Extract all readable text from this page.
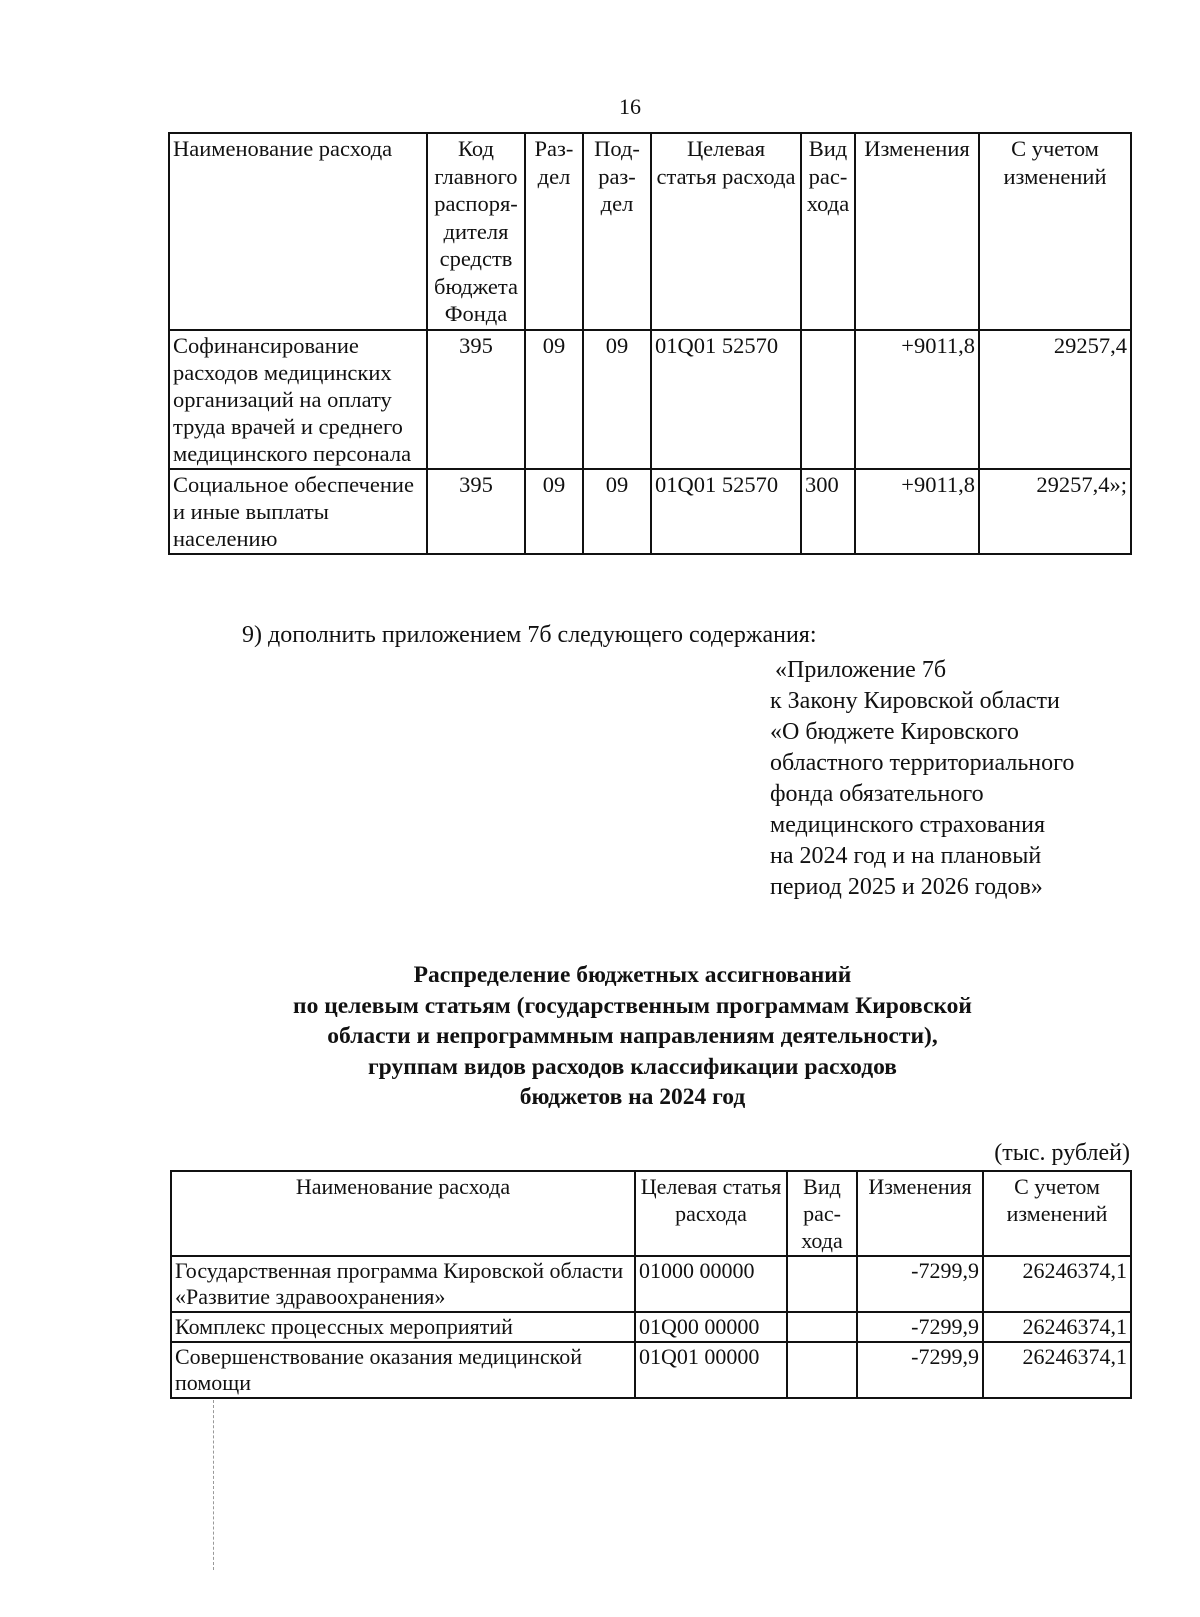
16
Наименование расхода	Код главного распоря-дителя средств бюджета Фонда	Раз-дел	Под-раз-дел	Целевая статья расхода	Вид рас-хода	Изменения	С учетом изменений
Софинансирование расходов медицинских организаций на оплату труда врачей и среднего медицинского персонала	395	09	09	01Q01 52570		+9011,8	29257,4
Социальное обеспечение и иные выплаты населению	395	09	09	01Q01 52570	300	+9011,8	29257,4»;
9) дополнить приложением 7б следующего содержания:
«Приложение 7б
к Закону Кировской области
«О бюджете Кировского
областного территориального
фонда обязательного
медицинского страхования
на 2024 год и на плановый
период 2025 и 2026 годов»
Распределение бюджетных ассигнований
по целевым статьям (государственным программам Кировской
области и непрограммным направлениям деятельности),
группам видов расходов классификации расходов
бюджетов на 2024 год
(тыс. рублей)
Наименование расхода	Целевая статья расхода	Вид рас-хода	Изменения	С учетом изменений
Государственная программа Кировской области «Развитие здравоохранения»	01000 00000		-7299,9	26246374,1
Комплекс процессных мероприятий	01Q00 00000		-7299,9	26246374,1
Совершенствование оказания медицинской помощи	01Q01 00000		-7299,9	26246374,1
